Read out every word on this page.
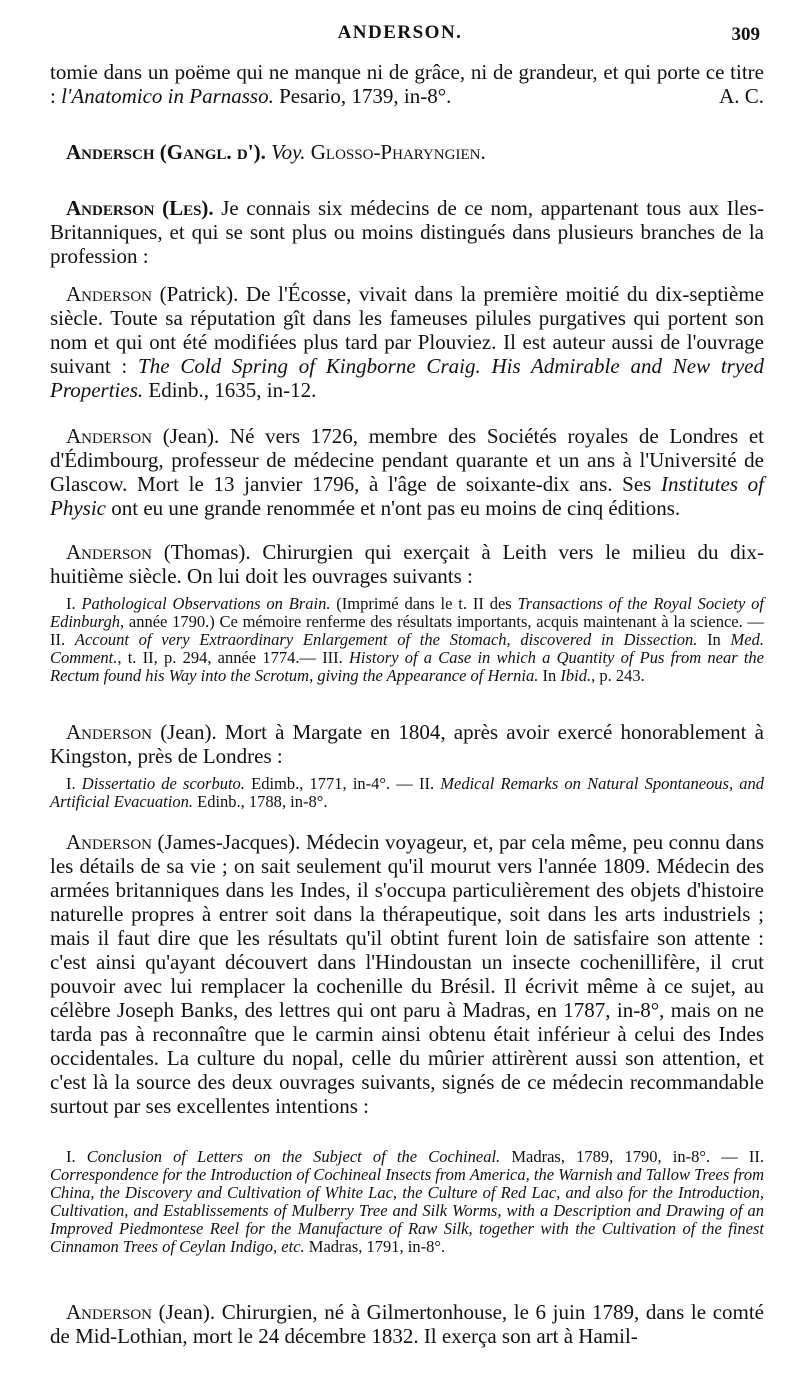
ANDERSON.	309

tomie dans un poëme qui ne manque ni de grâce, ni de grandeur, et qui porte ce titre : l'Anatomico in Parnasso. Pesario, 1739, in-8°.	A. C.

Andersch (Gangl. d'). Voy. Glosso-Pharyngien.

Anderson (Les). Je connais six médecins de ce nom, appartenant tous aux Iles-Britanniques, et qui se sont plus ou moins distingués dans plusieurs branches de la profession :

Anderson (Patrick). De l'Écosse, vivait dans la première moitié du dix-septième siècle. Toute sa réputation gît dans les fameuses pilules purgatives qui portent son nom et qui ont été modifiées plus tard par Plouviez. Il est auteur aussi de l'ouvrage suivant : The Cold Spring of Kingborne Craig. His Admirable and New tryed Properties. Edinb., 1635, in-12.

Anderson (Jean). Né vers 1726, membre des Sociétés royales de Londres et d'Édimbourg, professeur de médecine pendant quarante et un ans à l'Université de Glascow. Mort le 13 janvier 1796, à l'âge de soixante-dix ans. Ses Institutes of Physic ont eu une grande renommée et n'ont pas eu moins de cinq éditions.

Anderson (Thomas). Chirurgien qui exerçait à Leith vers le milieu du dix-huitième siècle. On lui doit les ouvrages suivants :

I. Pathological Observations on Brain. (Imprimé dans le t. II des Transactions of the Royal Society of Edinburgh, année 1790.) Ce mémoire renferme des résultats importants, acquis maintenant à la science. — II. Account of very Extraordinary Enlargement of the Stomach, discovered in Dissection. In Med. Comment., t. II, p. 294, année 1774.— III. History of a Case in which a Quantity of Pus from near the Rectum found his Way into the Scrotum, giving the Appearance of Hernia. In Ibid., p. 243.

Anderson (Jean). Mort à Margate en 1804, après avoir exercé honorablement à Kingston, près de Londres :

I. Dissertatio de scorbuto. Edimb., 1771, in-4°. — II. Medical Remarks on Natural Spontaneous, and Artificial Evacuation. Edinb., 1788, in-8°.

Anderson (James-Jacques). Médecin voyageur, et, par cela même, peu connu dans les détails de sa vie ; on sait seulement qu'il mourut vers l'année 1809. Médecin des armées britanniques dans les Indes, il s'occupa particulièrement des objets d'histoire naturelle propres à entrer soit dans la thérapeutique, soit dans les arts industriels ; mais il faut dire que les résultats qu'il obtint furent loin de satisfaire son attente : c'est ainsi qu'ayant découvert dans l'Hindoustan un insecte cochenillifère, il crut pouvoir avec lui remplacer la cochenille du Brésil. Il écrivit même à ce sujet, au célèbre Joseph Banks, des lettres qui ont paru à Madras, en 1787, in-8°, mais on ne tarda pas à reconnaître que le carmin ainsi obtenu était inférieur à celui des Indes occidentales. La culture du nopal, celle du mûrier attirèrent aussi son attention, et c'est là la source des deux ouvrages suivants, signés de ce médecin recommandable surtout par ses excellentes intentions :

I. Conclusion of Letters on the Subject of the Cochineal. Madras, 1789, 1790, in-8°. — II. Correspondence for the Introduction of Cochineal Insects from America, the Warnish and Tallow Trees from China, the Discovery and Cultivation of White Lac, the Culture of Red Lac, and also for the Introduction, Cultivation, and Establissements of Mulberry Tree and Silk Worms, with a Description and Drawing of an Improved Piedmontese Reel for the Manufacture of Raw Silk, together with the Cultivation of the finest Cinnamon Trees of Ceylan Indigo, etc. Madras, 1791, in-8°.

Anderson (Jean). Chirurgien, né à Gilmertonhouse, le 6 juin 1789, dans le comté de Mid-Lothian, mort le 24 décembre 1832. Il exerça son art à Hamil-
